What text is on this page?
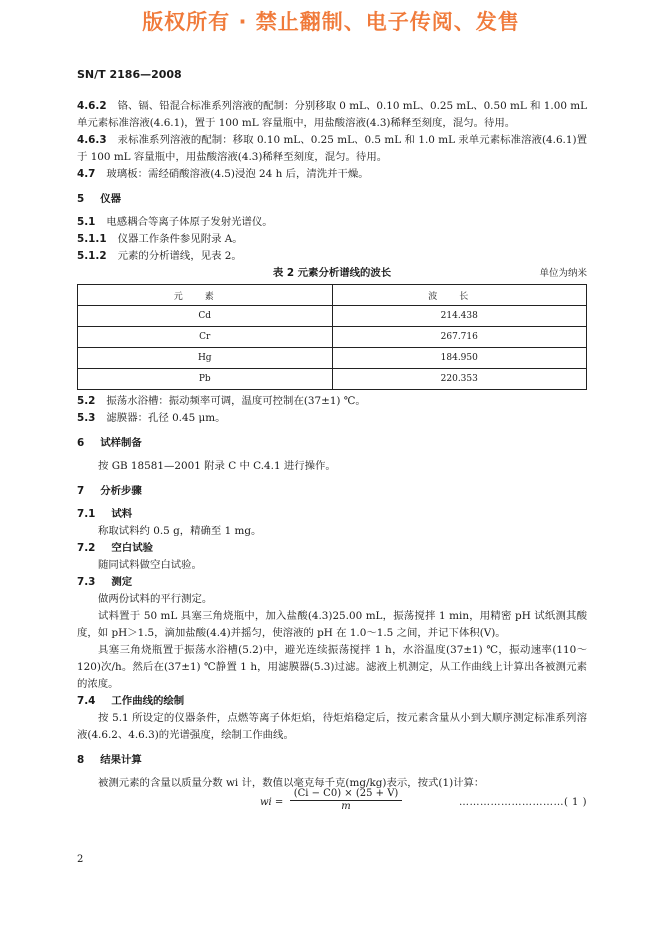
版权所有 · 禁止翻制、电子传阅、发售
SN/T 2186—2008

4.6.2 铬、镉、铅混合标准系列溶液的配制：分别移取 0 mL、0.10 mL、0.25 mL、0.50 mL 和 1.00 mL 单元素标准溶液(4.6.1)，置于 100 mL 容量瓶中，用盐酸溶液(4.3)稀释至刻度，混匀。待用。

4.6.3 汞标准系列溶液的配制：移取 0.10 mL、0.25 mL、0.5 mL 和 1.0 mL 汞单元素标准溶液(4.6.1)置于 100 mL 容量瓶中，用盐酸溶液(4.3)稀释至刻度，混匀。待用。

4.7 玻璃板：需经硝酸溶液(4.5)浸泡 24 h 后，清洗并干燥。

5 仪器

5.1 电感耦合等离子体原子发射光谱仪。

5.1.1 仪器工作条件参见附录 A。

5.1.2 元素的分析谱线，见表 2。

表 2 元素分析谱线的波长	单位为纳米
元素	波长
Cd	214.438
Cr	267.716
Hg	184.950
Pb	220.353

5.2 振荡水浴槽：振动频率可调，温度可控制在(37±1) ℃。

5.3 滤膜器：孔径 0.45 μm。

6 试样制备

按 GB 18581—2001 附录 C 中 C.4.1 进行操作。

7 分析步骤

7.1 试料

称取试料约 0.5 g，精确至 1 mg。

7.2 空白试验

随同试料做空白试验。

7.3 测定

做两份试料的平行测定。

试料置于 50 mL 具塞三角烧瓶中，加入盐酸(4.3)25.00 mL，振荡搅拌 1 min，用精密 pH 试纸测其酸度，如 pH＞1.5，滴加盐酸(4.4)并摇匀，使溶液的 pH 在 1.0～1.5 之间，并记下体积(V)。

具塞三角烧瓶置于振荡水浴槽(5.2)中，避光连续振荡搅拌 1 h，水浴温度(37±1) ℃，振动速率(110～120)次/h。然后在(37±1) ℃静置 1 h，用滤膜器(5.3)过滤。滤液上机测定，从工作曲线上计算出各被测元素的浓度。

7.4 工作曲线的绘制

按 5.1 所设定的仪器条件，点燃等离子体炬焰，待炬焰稳定后，按元素含量从小到大顺序测定标准系列溶液(4.6.2、4.6.3)的光谱强度，绘制工作曲线。

8 结果计算

被测元素的含量以质量分数 wi 计，数值以毫克每千克(mg/kg)表示，按式(1)计算：

wi = $\frac{(Ci - C0) \times (25 + V)}{m}$	…………………………( 1 )
2
